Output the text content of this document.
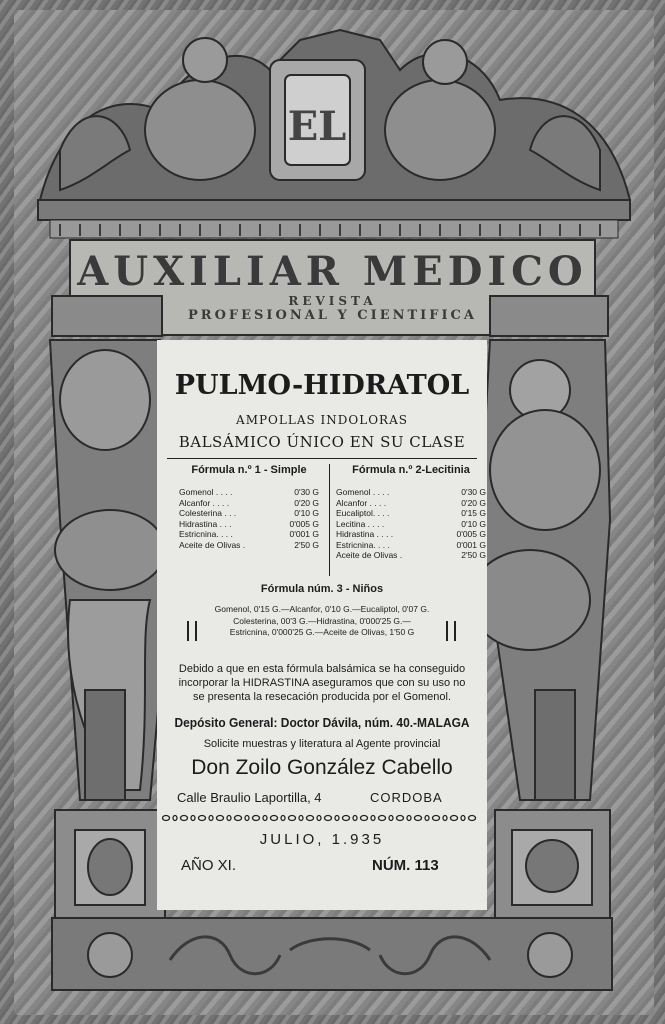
EL
AUXILIAR MEDICO
REVISTA
PROFESIONAL Y CIENTIFICA
PULMO-HIDRATOL
AMPOLLAS INDOLORAS
BALSÁMICO ÚNICO EN SU CLASE
Fórmula n.º 1 - Simple
Gomenol . . . .	0'30 G
Alcanfor . . . .	0'20 G
Colesterina . . .	0'10 G
Hidrastina . . .	0'005 G
Estricnina. . . .	0'001 G
Aceite de Olivas .	2'50 G
Fórmula n.º 2-Lecitinia
Gomenol . . . .	0'30 G
Alcanfor . . . .	0'20 G
Eucaliptol. . . .	0'15 G
Lecitina . . . .	0'10 G
Hidrastina . . . .	0'005 G
Estricnina. . . .	0'001 G
Aceite de Olivas .	2'50 G
Fórmula núm. 3 - Niños
Gomenol, 0'15 G.—Alcanfor, 0'10 G.—Eucaliptol, 0'07 G.
Colesterina, 00'3 G.—Hidrastina, 0'000'25 G.—
Estricnina, 0'000'25 G.—Aceite de Olivas, 1'50 G
Debido a que en esta fórmula balsámica se ha conseguido
incorporar la HIDRASTINA aseguramos que con su uso no
se presenta la resecación producida por el Gomenol.
Depósito General: Doctor Dávila, núm. 40.-MALAGA
Solicite muestras y literatura al Agente provincial
Don Zoilo González Cabello
Calle Braulio Laportilla, 4	CORDOBA
JULIO, 1.935
AÑO XI.	NÚM. 113
